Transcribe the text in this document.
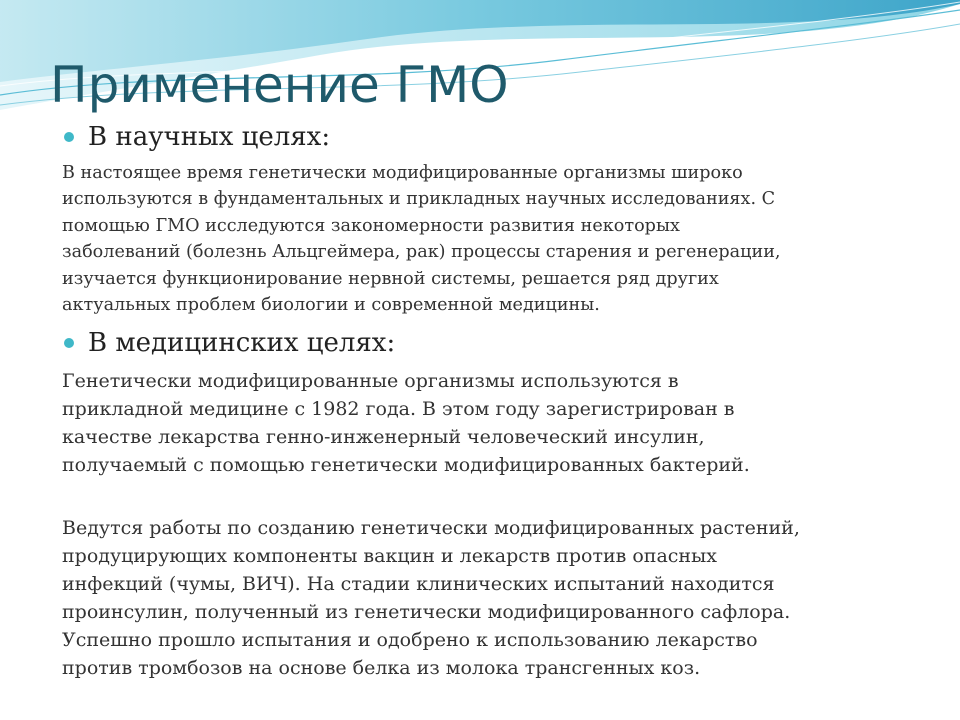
Применение ГМО
В научных целях:

В настоящее время генетически модифицированные организмы широко
используются в фундаментальных и прикладных научных исследованиях. С
помощью ГМО исследуются закономерности развития некоторых
заболеваний (болезнь Альцгеймера, рак) процессы старения и регенерации,
изучается функционирование нервной системы, решается ряд других
актуальных проблем биологии и современной медицины.

В медицинских целях:

Генетически модифицированные организмы используются в
прикладной медицине с 1982 года. В этом году зарегистрирован в
качестве лекарства генно-инженерный человеческий инсулин,
получаемый с помощью генетически модифицированных бактерий.

Ведутся работы по созданию генетически модифицированных растений,
продуцирующих компоненты вакцин и лекарств против опасных
инфекций (чумы, ВИЧ). На стадии клинических испытаний находится
проинсулин, полученный из генетически модифицированного сафлора.
Успешно прошло испытания и одобрено к использованию лекарство
против тромбозов на основе белка из молока трансгенных коз.
